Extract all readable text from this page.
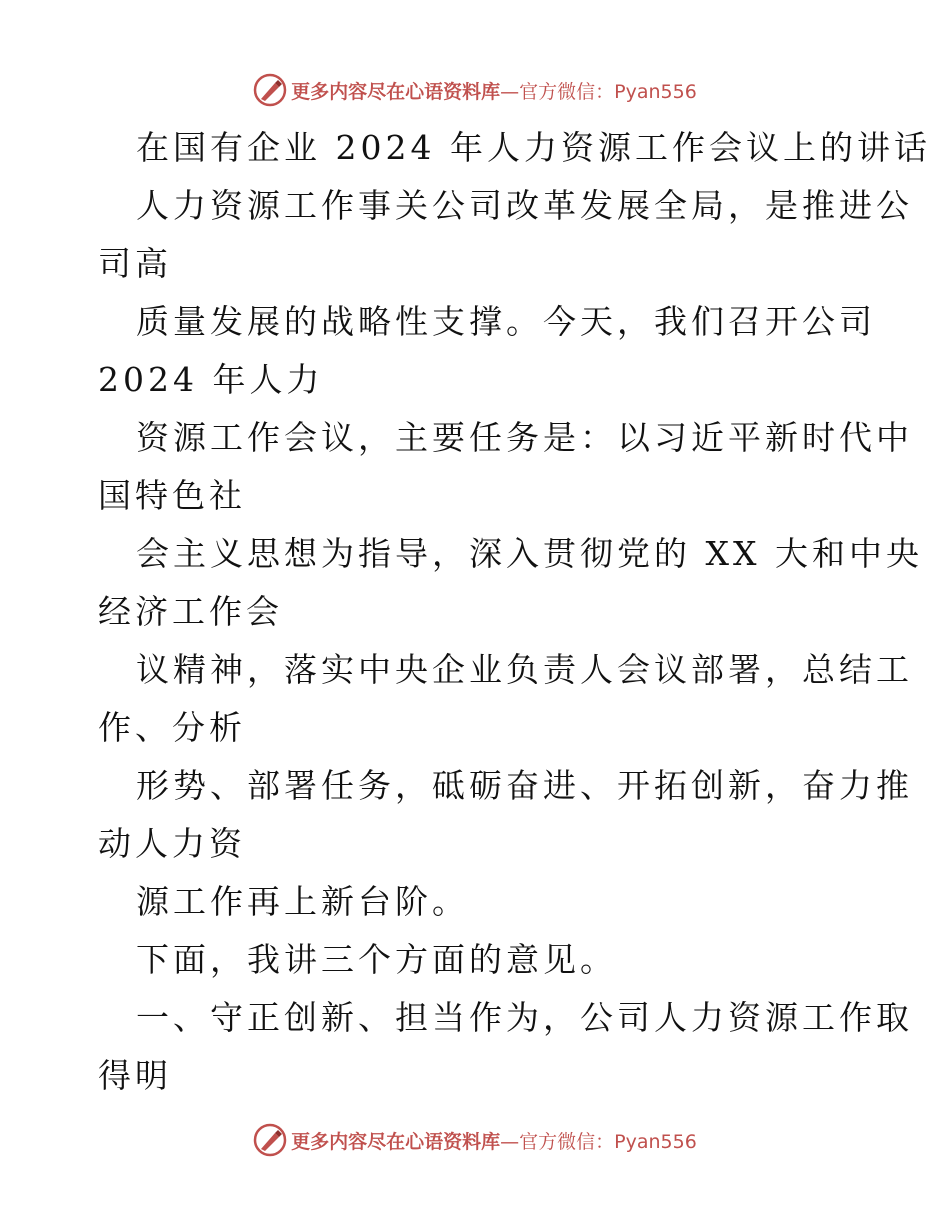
更多内容尽在心语资料库 —官方微信：Pyan556
在国有企业 2024 年人力资源工作会议上的讲话
人力资源工作事关公司改革发展全局，是推进公
司高
质量发展的战略性支撑。今天，我们召开公司
2024 年人力
资源工作会议，主要任务是：以习近平新时代中
国特色社
会主义思想为指导，深入贯彻党的 XX 大和中央
经济工作会
议精神，落实中央企业负责人会议部署，总结工
作、分析
形势、部署任务，砥砺奋进、开拓创新，奋力推
动人力资
源工作再上新台阶。
下面，我讲三个方面的意见。
一、守正创新、担当作为，公司人力资源工作取
得明
更多内容尽在心语资料库 —官方微信：Pyan556
